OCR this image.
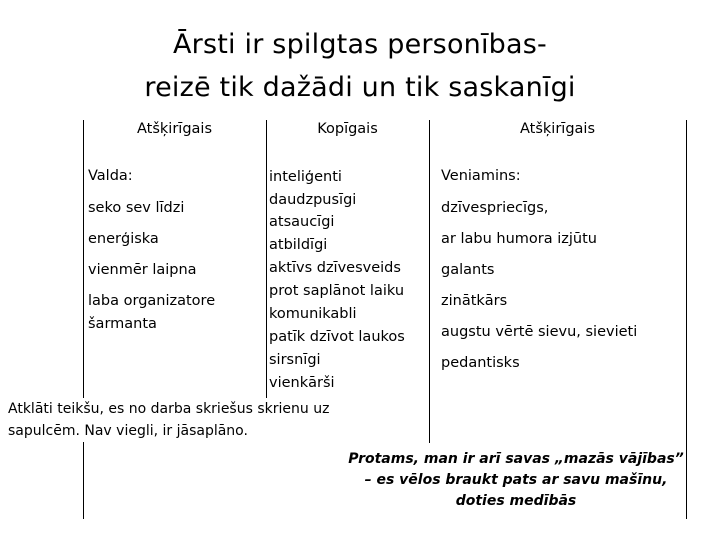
Ārsti ir spilgtas personības-
reizē tik dažādi un tik saskanīgi
Atšķirīgais	Kopīgais	Atšķirīgais
Valda:
seko sev līdzi
enerģiska
vienmēr laipna
laba organizatore
šarmanta
inteliģenti
daudzpusīgi
atsaucīgi
atbildīgi
aktīvs dzīvesveids
prot saplānot laiku
komunikabli
patīk dzīvot laukos
sirsnīgi
vienkārši
Veniamins:
dzīvespriecīgs,
ar labu humora izjūtu
galants
zinātkārs
augstu vērtē sievu, sievieti
pedantisks
Atklāti teikšu, es no darba skriešus skrienu uz sapulcēm. Nav viegli, ir jāsaplāno.
Protams, man ir arī savas „mazās vājības” – es vēlos braukt pats ar savu mašīnu, doties medībās
